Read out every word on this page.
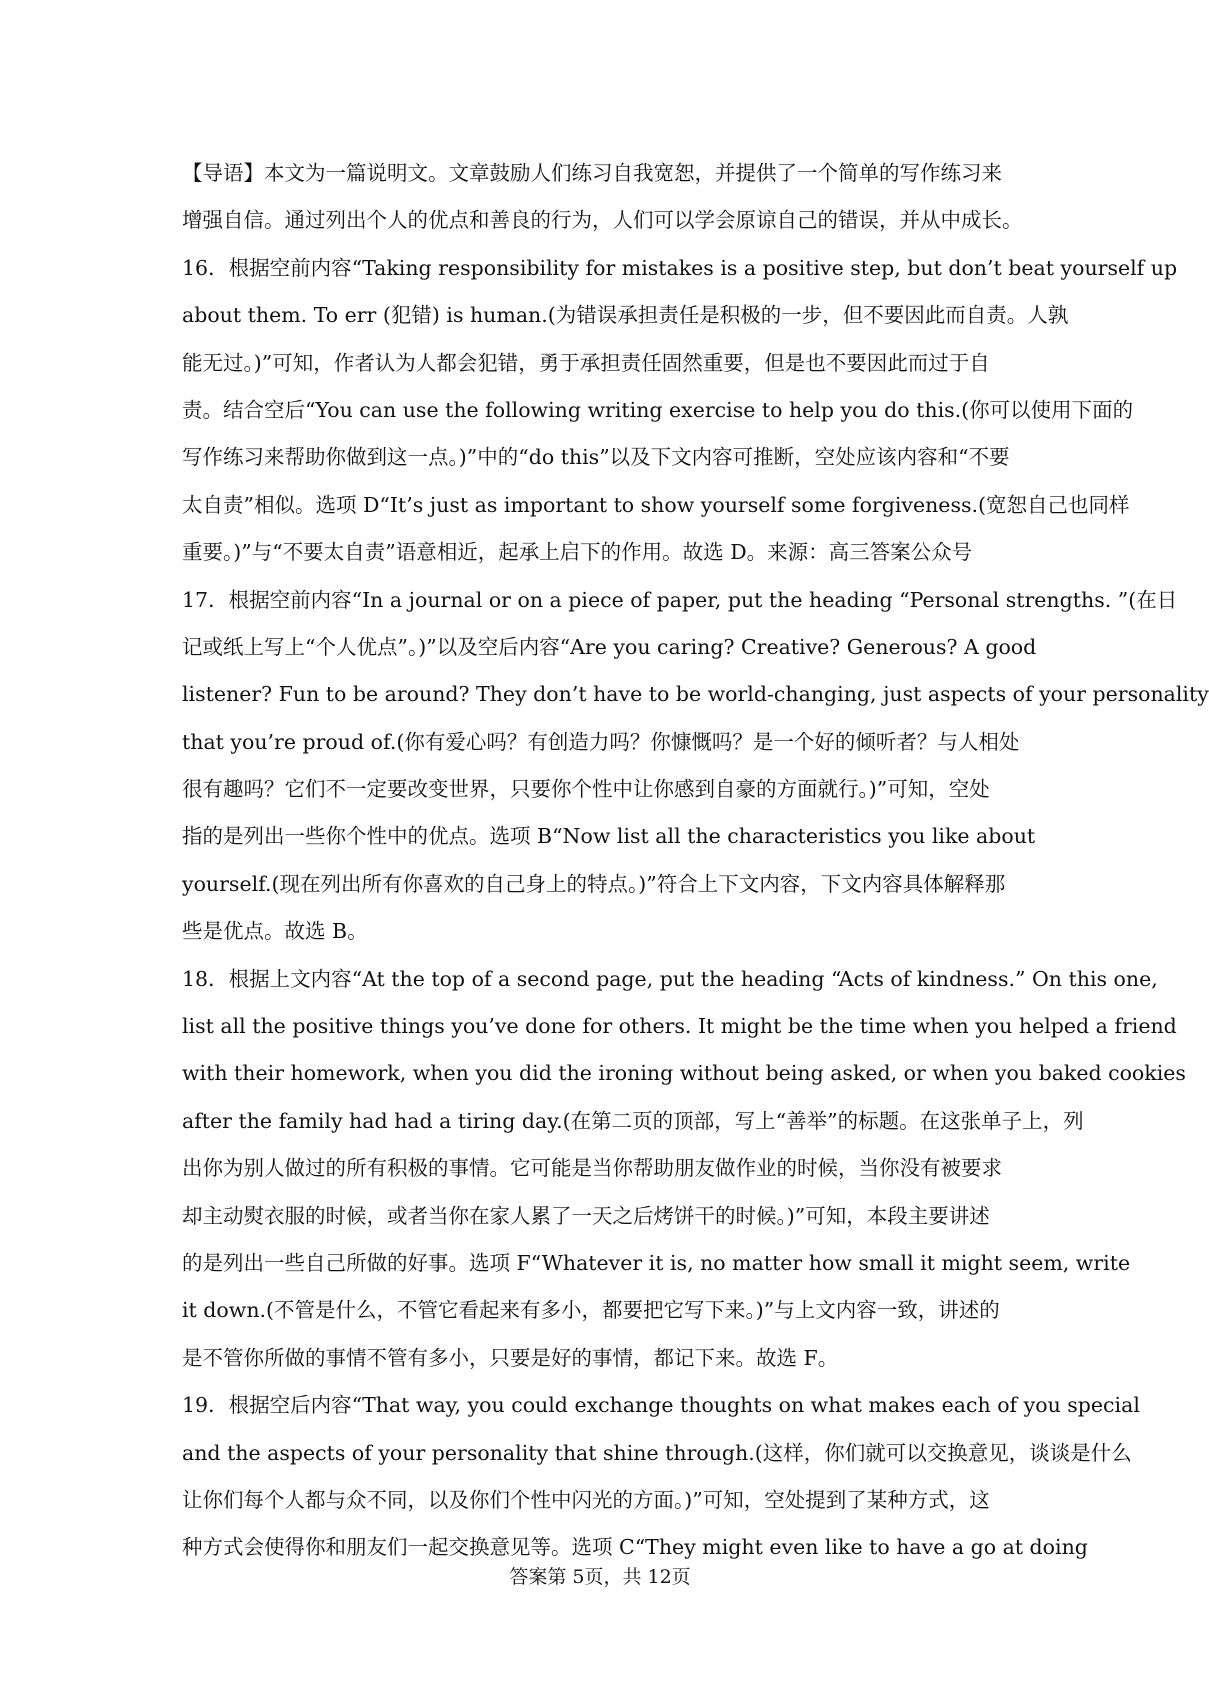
【导语】本文为一篇说明文。文章鼓励人们练习自我宽恕，并提供了一个简单的写作练习来
增强自信。通过列出个人的优点和善良的行为，人们可以学会原谅自己的错误，并从中成长。
16．根据空前内容“Taking responsibility for mistakes is a positive step, but don’t beat yourself up
about them. To err (犯错) is human.(为错误承担责任是积极的一步，但不要因此而自责。人孰
能无过。)”可知，作者认为人都会犯错，勇于承担责任固然重要，但是也不要因此而过于自
责。结合空后“You can use the following writing exercise to help you do this.(你可以使用下面的
写作练习来帮助你做到这一点。)”中的“do this”以及下文内容可推断，空处应该内容和“不要
太自责”相似。选项 D“It’s just as important to show yourself some forgiveness.(宽恕自己也同样
重要。)”与“不要太自责”语意相近，起承上启下的作用。故选 D。来源：高三答案公众号
17．根据空前内容“In a journal or on a piece of paper, put the heading “Personal strengths. ”(在日
记或纸上写上“个人优点”。)”以及空后内容“Are you caring? Creative? Generous? A good
listener? Fun to be around? They don’t have to be world-changing, just aspects of your personality
that you’re proud of.(你有爱心吗？有创造力吗？你慷慨吗？是一个好的倾听者？与人相处
很有趣吗？它们不一定要改变世界，只要你个性中让你感到自豪的方面就行。)”可知，空处
指的是列出一些你个性中的优点。选项 B“Now list all the characteristics you like about
yourself.(现在列出所有你喜欢的自己身上的特点。)”符合上下文内容，下文内容具体解释那
些是优点。故选 B。
18．根据上文内容“At the top of a second page, put the heading “Acts of kindness.” On this one,
list all the positive things you’ve done for others. It might be the time when you helped a friend
with their homework, when you did the ironing without being asked, or when you baked cookies
after the family had had a tiring day.(在第二页的顶部，写上“善举”的标题。在这张单子上，列
出你为别人做过的所有积极的事情。它可能是当你帮助朋友做作业的时候，当你没有被要求
却主动熨衣服的时候，或者当你在家人累了一天之后烤饼干的时候。)”可知，本段主要讲述
的是列出一些自己所做的好事。选项 F“Whatever it is, no matter how small it might seem, write
it down.(不管是什么，不管它看起来有多小，都要把它写下来。)”与上文内容一致，讲述的
是不管你所做的事情不管有多小，只要是好的事情，都记下来。故选 F。
19．根据空后内容“That way, you could exchange thoughts on what makes each of you special
and the aspects of your personality that shine through.(这样，你们就可以交换意见，谈谈是什么
让你们每个人都与众不同，以及你们个性中闪光的方面。)”可知，空处提到了某种方式，这
种方式会使得你和朋友们一起交换意见等。选项 C“They might even like to have a go at doing
答案第 5页，共 12页
